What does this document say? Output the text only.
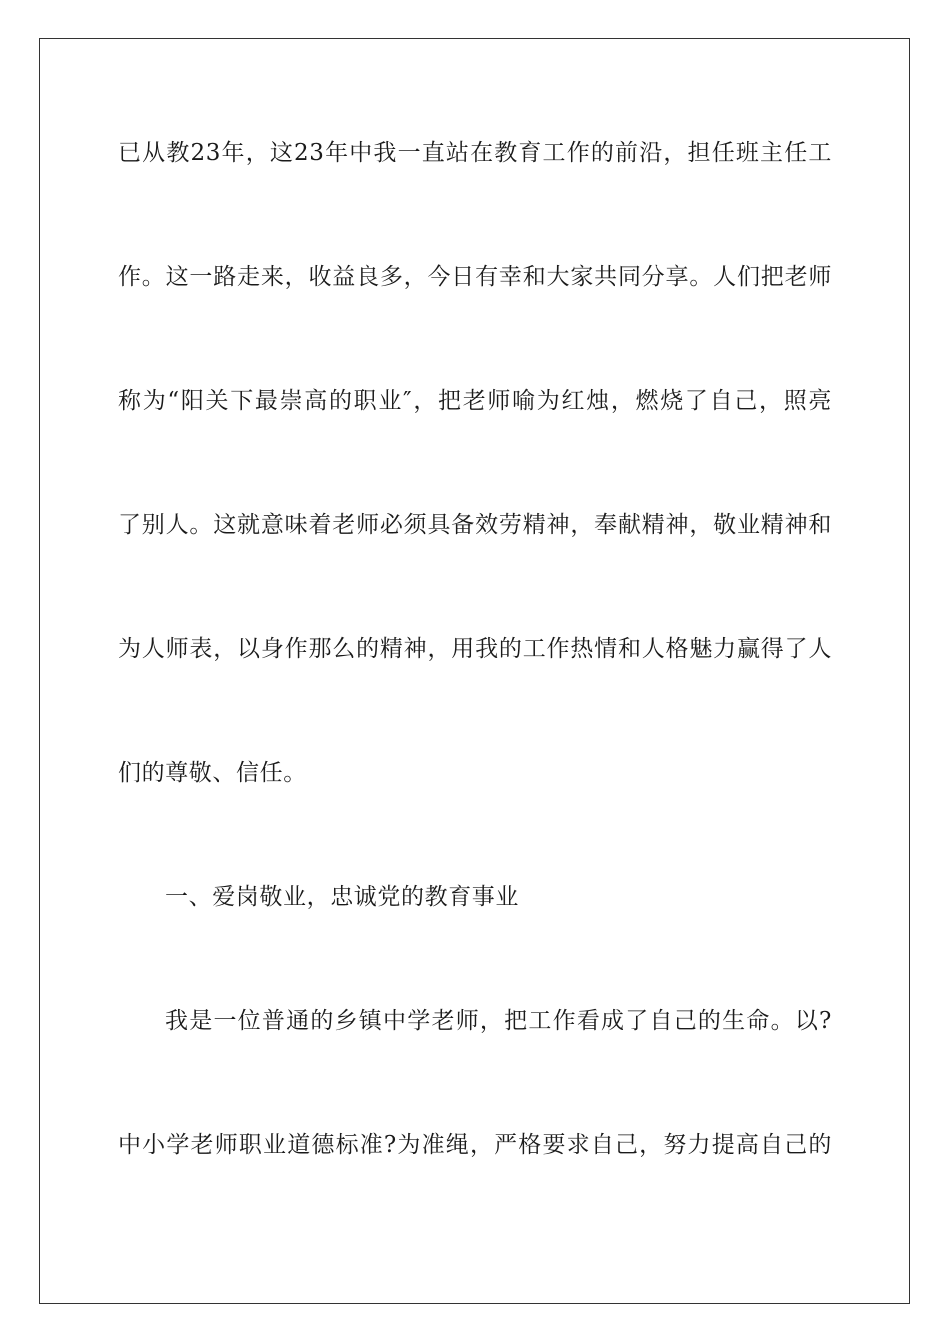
已从教23年，这23年中我一直站在教育工作的前沿，担任班主任工
作。这一路走来，收益良多，今日有幸和大家共同分享。人们把老师
称为“阳关下最崇高的职业″，把老师喻为红烛，燃烧了自己，照亮
了别人。这就意味着老师必须具备效劳精神，奉献精神，敬业精神和
为人师表，以身作那么的精神，用我的工作热情和人格魅力赢得了人
们的尊敬、信任。
一、爱岗敬业，忠诚党的教育事业
我是一位普通的乡镇中学老师，把工作看成了自己的生命。以?
中小学老师职业道德标准?为准绳，严格要求自己，努力提高自己的
